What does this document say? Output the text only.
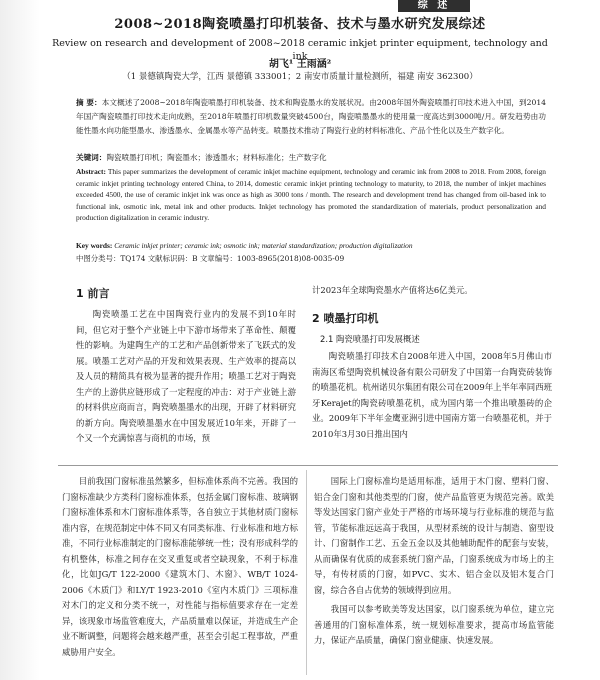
综 述
2008~2018陶瓷喷墨打印机装备、技术与墨水研究发展综述
Review on research and development of 2008~2018 ceramic inkjet printer equipment, technology and ink
胡飞¹ 王雨涵²
（1 景德镇陶瓷大学，江西 景德镇 333001；2 南安市质量计量检测所，福建 南安 362300）
摘 要：本文概述了2008~2018年陶瓷喷墨打印机装备、技术和陶瓷墨水的发展状况。由2008年国外陶瓷喷墨打印技术进入中国，到2014年国产陶瓷喷墨打印技术走向成熟，至2018年喷墨打印机数量突破4500台，陶瓷喷墨墨水的使用量一度高达到3000吨/月。研发趋势由功能性墨水向功能型墨水、渗透墨水、金属墨水等产品转变。喷墨技术推动了陶瓷行业的材料标准化、产品个性化以及生产数字化。
关键词：陶瓷喷墨打印机；陶瓷墨水；渗透墨水；材料标准化；生产数字化
Abstract: This paper summarizes the development of ceramic inkjet machine equipment, technology and ceramic ink from 2008 to 2018. From 2008, foreign ceramic inkjet printing technology entered China, to 2014, domestic ceramic inkjet printing technology to maturity, to 2018, the number of inkjet machines exceeded 4500, the use of ceramic inkjet ink was once as high as 3000 tons / month. The research and development trend has changed from oil-based ink to functional ink, osmotic ink, metal ink and other products. Inkjet technology has promoted the standardization of materials, product personalization and production digitalization in ceramic industry.
Key words: Ceramic inkjet printer; ceramic ink; osmotic ink; material standardization; production digitalization
中图分类号：TQ174 文献标识码：B 文章编号：1003-8965(2018)08-0035-09
1 前言

陶瓷喷墨工艺在中国陶瓷行业内的发展不到10年时间，但它对于整个产业链上中下游市场带来了革命性、颠覆性的影响。为建陶生产的工艺和产品创新带来了飞跃式的发展。喷墨工艺对产品的开发和效果表现、生产效率的提高以及人员的精简具有极为显著的提升作用；喷墨工艺对于陶瓷生产的上游供应链形成了一定程度的冲击：对于产业链上游的材料供应商而言，陶瓷喷墨墨水的出现，开辟了材料研究的新方向。陶瓷喷墨墨水在中国发展近10年来，开辟了一个又一个充满惊喜与商机的市场，预

计2023年全球陶瓷墨水产值将达6亿美元。

2 喷墨打印机
2.1 陶瓷喷墨打印发展概述

陶瓷喷墨打印技术自2008年进入中国，2008年5月佛山市南海区希望陶瓷机械设备有限公司研发了中国第一台陶瓷砖装饰的喷墨花机。杭州诺贝尔集团有限公司在2009年上半年率同西班牙Kerajet的陶瓷砖喷墨花机，成为国内第一个推出喷墨砖的企业。2009年下半年金鹰亚洲引进中国南方第一台喷墨花机，并于2010年3月30日推出国内

目前我国门窗标准虽然繁多，但标准体系尚不完善。我国的门窗标准缺少方类科门窗标准体系，包括金属门窗标准、玻璃钢门窗标准体系和木门窗标准体系等，各自独立于其他材质门窗标准内容，在规范制定中体不同又有同类标准、行业标准和地方标准，不同行业标准制定的门窗标准能够统一性；没有形成科学的有机整体，标准之间存在交叉重复或者空缺现象，不利于标准化，比如JG/T 122-2000《建筑木门、木窗》、WB/T 1024-2006《木质门》和LY/T 1923-2010《室内木质门》三项标准对木门的定义和分类不统一，对性能与指标值要求存在一定差异，该现象市场监管难度大，产品质量难以保证，并造成生产企业不断调整，问题将会越来越严重，甚至会引起工程事故，严重威胁用户安全。

国际上门窗标准均是适用标准，适用于木门窗、塑料门窗、铝合金门窗和其他类型的门窗，使产品监管更为规范完善。欧美等发达国家门窗产业处于严格的市场环境与行业标准的规范与监管，节能标准远远高于我国，从型材系统的设计与制造、窗型设计、门窗制作工艺、五金五金以及其他辅助配件的配套与安装，从而确保有优质的成套系统门窗产品，门窗系统成为市场上的主导，有传材质的门窗，如PVC、实木、铝合金以及铝木复合门窗，综合各自占优势的领域得到应用。

我国可以参考欧美等发达国家，以门窗系统为单位，建立完善通用的门窗标准体系，统一规划标准要求，提高市场监管能力，保证产品质量，确保门窗业健康、快速发展。
